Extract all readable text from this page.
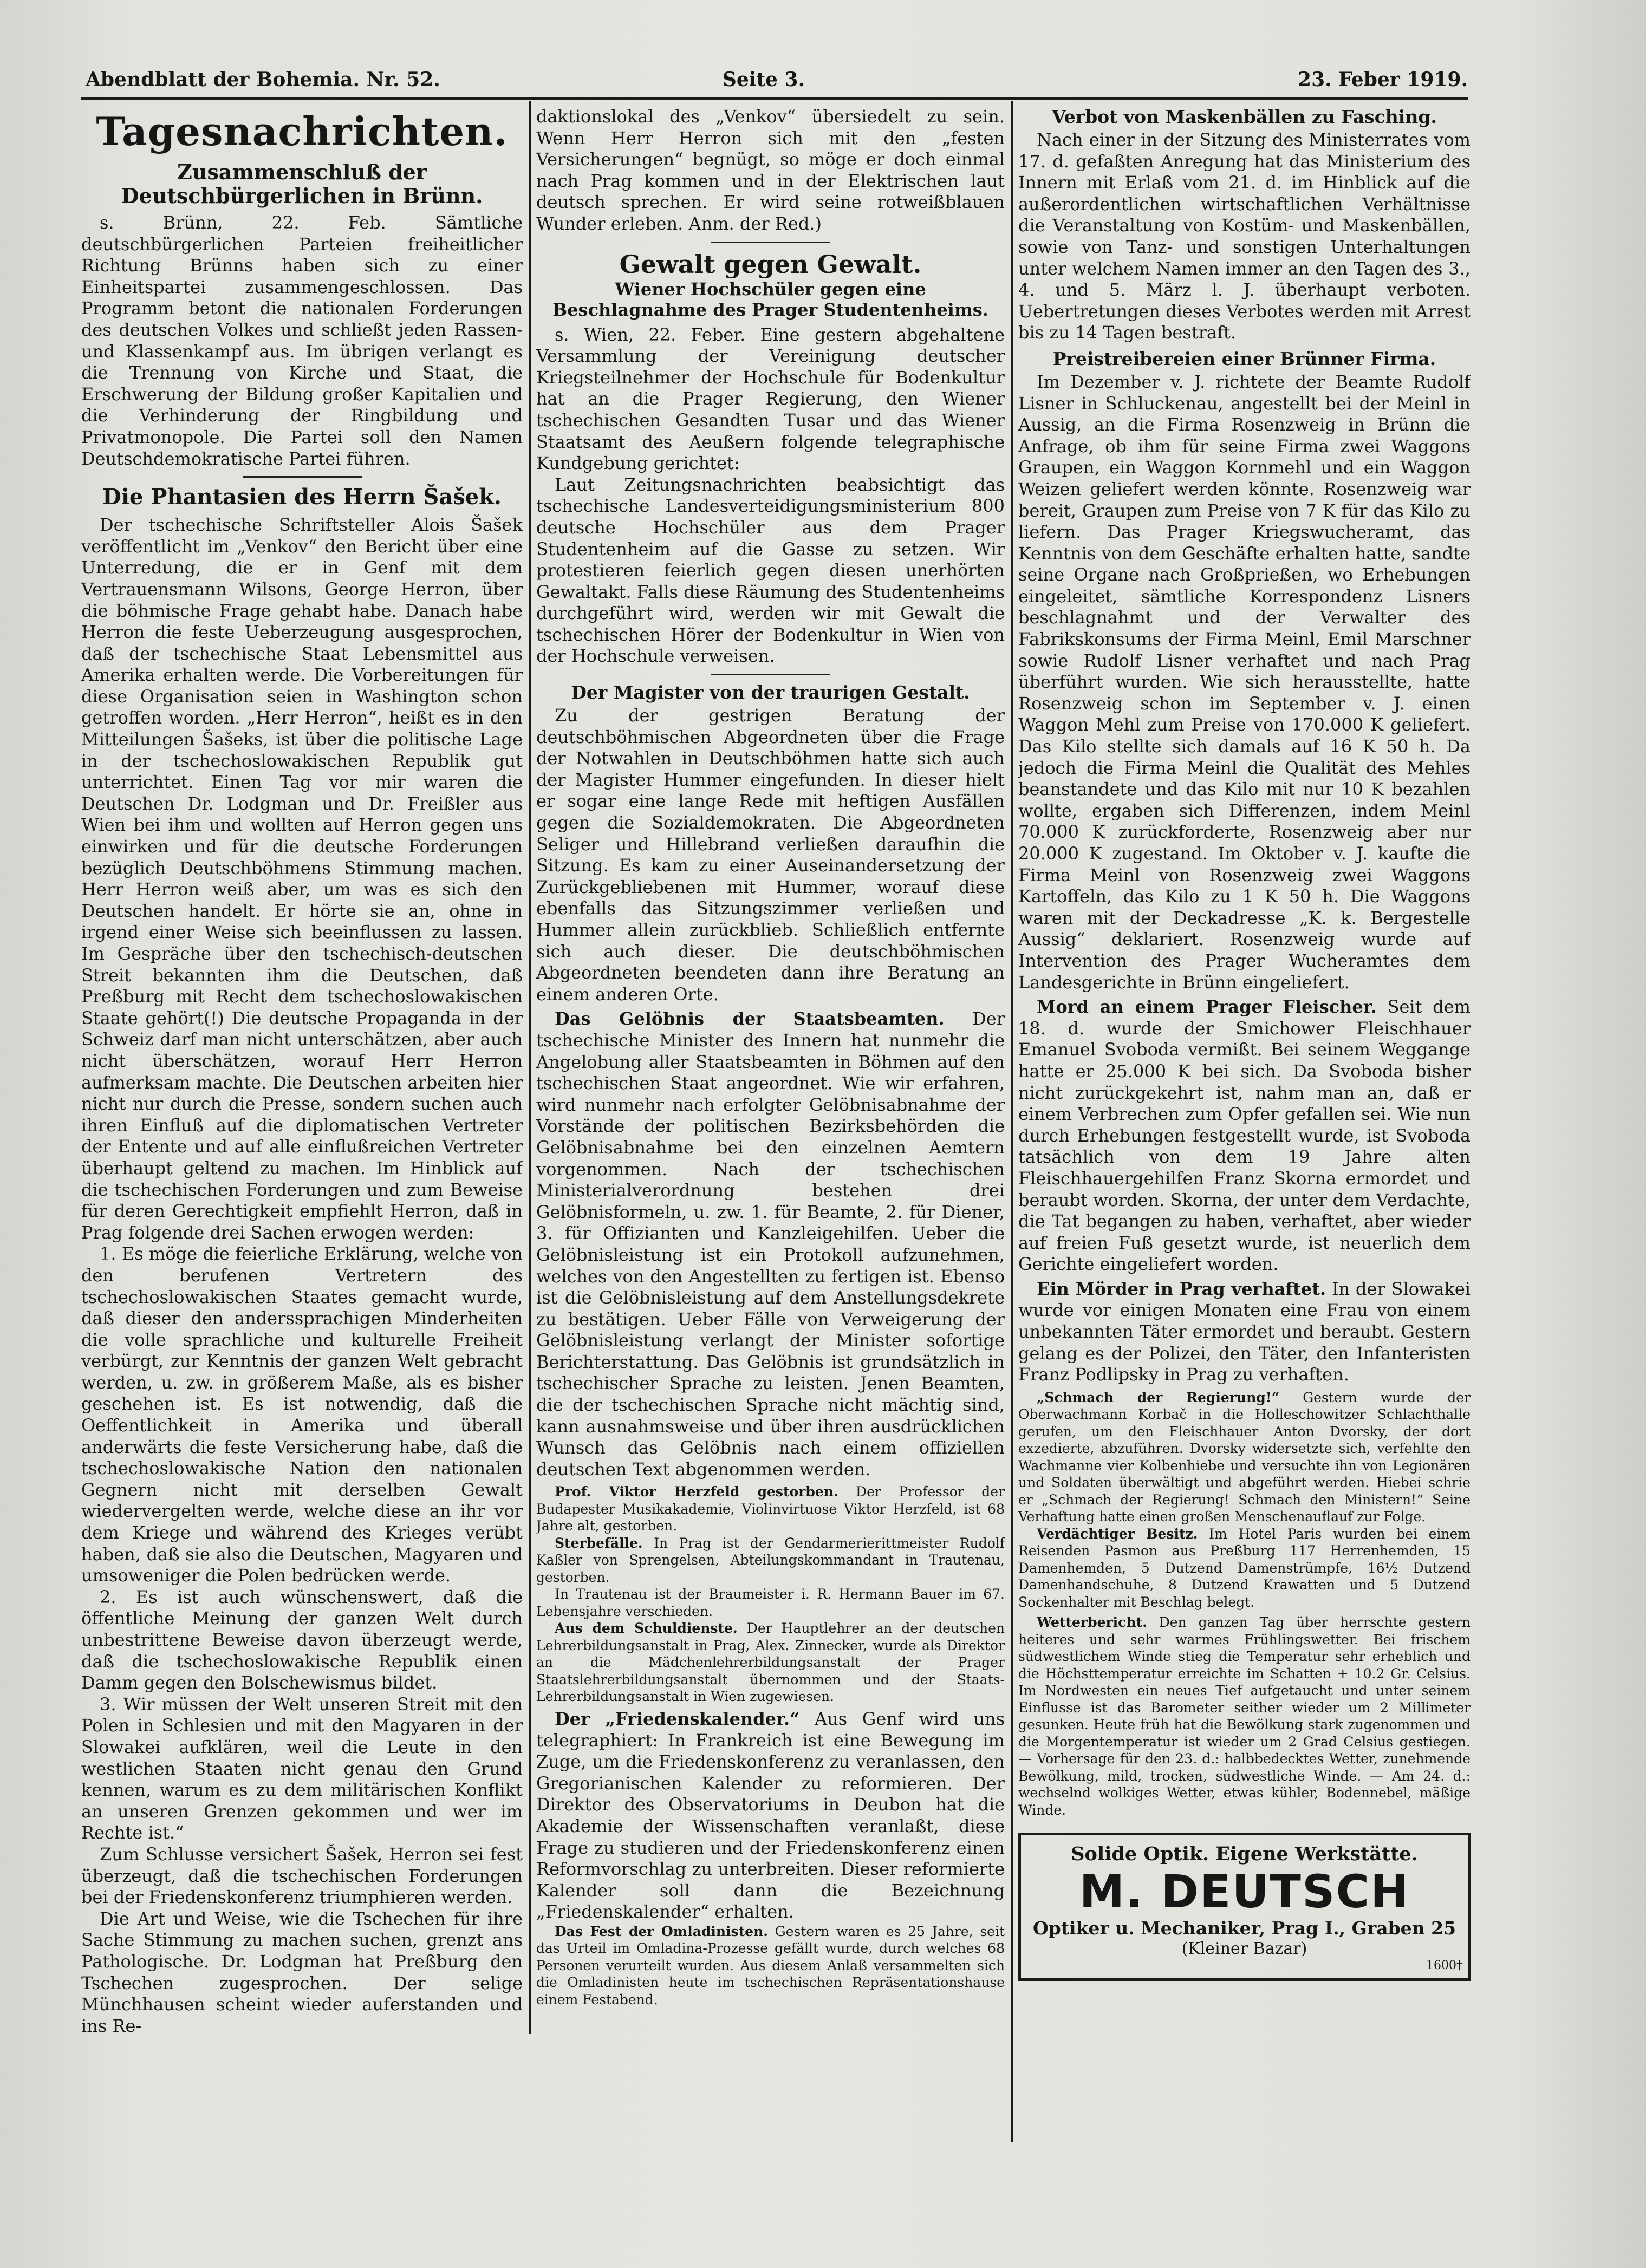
Abendblatt der Bohemia. Nr. 52.	Seite 3.	23. Feber 1919.
Tagesnachrichten.
Zusammenschluß der Deutschbürgerlichen in Brünn.

s. Brünn, 22. Feb. Sämtliche deutschbürgerlichen Parteien freiheitlicher Richtung Brünns haben sich zu einer Einheitspartei zusammengeschlossen. Das Programm betont die nationalen Forderungen des deutschen Volkes und schließt jeden Rassen- und Klassenkampf aus. Im übrigen verlangt es die Trennung von Kirche und Staat, die Erschwerung der Bildung großer Kapitalien und die Verhinderung der Ringbildung und Privatmonopole. Die Partei soll den Namen Deutschdemokratische Partei führen.

Die Phantasien des Herrn Šašek.

Der tschechische Schriftsteller Alois Šašek veröffentlicht im „Venkov“ den Bericht über eine Unterredung, die er in Genf mit dem Vertrauensmann Wilsons, George Herron, über die böhmische Frage gehabt habe. Danach habe Herron die feste Ueberzeugung ausgesprochen, daß der tschechische Staat Lebensmittel aus Amerika erhalten werde. Die Vorbereitungen für diese Organisation seien in Washington schon getroffen worden. „Herr Herron“, heißt es in den Mitteilungen Šašeks, ist über die politische Lage in der tschechoslowakischen Republik gut unterrichtet. Einen Tag vor mir waren die Deutschen Dr. Lodgman und Dr. Freißler aus Wien bei ihm und wollten auf Herron gegen uns einwirken und für die deutsche Forderungen bezüglich Deutschböhmens Stimmung machen. Herr Herron weiß aber, um was es sich den Deutschen handelt. Er hörte sie an, ohne in irgend einer Weise sich beeinflussen zu lassen. Im Gespräche über den tschechisch-deutschen Streit bekannten ihm die Deutschen, daß Preßburg mit Recht dem tschechoslowakischen Staate gehört(!) Die deutsche Propaganda in der Schweiz darf man nicht unterschätzen, aber auch nicht überschätzen, worauf Herr Herron aufmerksam machte. Die Deutschen arbeiten hier nicht nur durch die Presse, sondern suchen auch ihren Einfluß auf die diplomatischen Vertreter der Entente und auf alle einflußreichen Vertreter überhaupt geltend zu machen. Im Hinblick auf die tschechischen Forderungen und zum Beweise für deren Gerechtigkeit empfiehlt Herron, daß in Prag folgende drei Sachen erwogen werden:

1. Es möge die feierliche Erklärung, welche von den berufenen Vertretern des tschechoslowakischen Staates gemacht wurde, daß dieser den anderssprachigen Minderheiten die volle sprachliche und kulturelle Freiheit verbürgt, zur Kenntnis der ganzen Welt gebracht werden, u. zw. in größerem Maße, als es bisher geschehen ist. Es ist notwendig, daß die Oeffentlichkeit in Amerika und überall anderwärts die feste Versicherung habe, daß die tschechoslowakische Nation den nationalen Gegnern nicht mit derselben Gewalt wiedervergelten werde, welche diese an ihr vor dem Kriege und während des Krieges verübt haben, daß sie also die Deutschen, Magyaren und umsoweniger die Polen bedrücken werde.

2. Es ist auch wünschenswert, daß die öffentliche Meinung der ganzen Welt durch unbestrittene Beweise davon überzeugt werde, daß die tschechoslowakische Republik einen Damm gegen den Bolschewismus bildet.

3. Wir müssen der Welt unseren Streit mit den Polen in Schlesien und mit den Magyaren in der Slowakei aufklären, weil die Leute in den westlichen Staaten nicht genau den Grund kennen, warum es zu dem militärischen Konflikt an unseren Grenzen gekommen und wer im Rechte ist.“

Zum Schlusse versichert Šašek, Herron sei fest überzeugt, daß die tschechischen Forderungen bei der Friedenskonferenz triumphieren werden.

Die Art und Weise, wie die Tschechen für ihre Sache Stimmung zu machen suchen, grenzt ans Pathologische. Dr. Lodgman hat Preßburg den Tschechen zugesprochen. Der selige Münchhausen scheint wieder auferstanden und ins Re-

daktionslokal des „Venkov“ übersiedelt zu sein. Wenn Herr Herron sich mit den „festen Versicherungen“ begnügt, so möge er doch einmal nach Prag kommen und in der Elektrischen laut deutsch sprechen. Er wird seine rotweißblauen Wunder erleben. Anm. der Red.)

Gewalt gegen Gewalt.
Wiener Hochschüler gegen eine Beschlagnahme des Prager Studentenheims.

s. Wien, 22. Feber. Eine gestern abgehaltene Versammlung der Vereinigung deutscher Kriegsteilnehmer der Hochschule für Bodenkultur hat an die Prager Regierung, den Wiener tschechischen Gesandten Tusar und das Wiener Staatsamt des Aeußern folgende telegraphische Kundgebung gerichtet:

Laut Zeitungsnachrichten beabsichtigt das tschechische Landesverteidigungsministerium 800 deutsche Hochschüler aus dem Prager Studentenheim auf die Gasse zu setzen. Wir protestieren feierlich gegen diesen unerhörten Gewaltakt. Falls diese Räumung des Studentenheims durchgeführt wird, werden wir mit Gewalt die tschechischen Hörer der Bodenkultur in Wien von der Hochschule verweisen.

Der Magister von der traurigen Gestalt.

Zu der gestrigen Beratung der deutschböhmischen Abgeordneten über die Frage der Notwahlen in Deutschböhmen hatte sich auch der Magister Hummer eingefunden. In dieser hielt er sogar eine lange Rede mit heftigen Ausfällen gegen die Sozialdemokraten. Die Abgeordneten Seliger und Hillebrand verließen daraufhin die Sitzung. Es kam zu einer Auseinandersetzung der Zurückgebliebenen mit Hummer, worauf diese ebenfalls das Sitzungszimmer verließen und Hummer allein zurückblieb. Schließlich entfernte sich auch dieser. Die deutschböhmischen Abgeordneten beendeten dann ihre Beratung an einem anderen Orte.

Das Gelöbnis der Staatsbeamten. Der tschechische Minister des Innern hat nunmehr die Angelobung aller Staatsbeamten in Böhmen auf den tschechischen Staat angeordnet. Wie wir erfahren, wird nunmehr nach erfolgter Gelöbnisabnahme der Vorstände der politischen Bezirksbehörden die Gelöbnisabnahme bei den einzelnen Aemtern vorgenommen. Nach der tschechischen Ministerialverordnung bestehen drei Gelöbnisformeln, u. zw. 1. für Beamte, 2. für Diener, 3. für Offizianten und Kanzleigehilfen. Ueber die Gelöbnisleistung ist ein Protokoll aufzunehmen, welches von den Angestellten zu fertigen ist. Ebenso ist die Gelöbnisleistung auf dem Anstellungsdekrete zu bestätigen. Ueber Fälle von Verweigerung der Gelöbnisleistung verlangt der Minister sofortige Berichterstattung. Das Gelöbnis ist grundsätzlich in tschechischer Sprache zu leisten. Jenen Beamten, die der tschechischen Sprache nicht mächtig sind, kann ausnahmsweise und über ihren ausdrücklichen Wunsch das Gelöbnis nach einem offiziellen deutschen Text abgenommen werden.

Prof. Viktor Herzfeld gestorben. Der Professor der Budapester Musikakademie, Violinvirtuose Viktor Herzfeld, ist 68 Jahre alt, gestorben.

Sterbefälle. In Prag ist der Gendarmerierittmeister Rudolf Kaßler von Sprengelsen, Abteilungskommandant in Trautenau, gestorben.

In Trautenau ist der Braumeister i. R. Hermann Bauer im 67. Lebensjahre verschieden.

Aus dem Schuldienste. Der Hauptlehrer an der deutschen Lehrerbildungsanstalt in Prag, Alex. Zinnecker, wurde als Direktor an die Mädchenlehrerbildungsanstalt der Prager Staatslehrerbildungsanstalt übernommen und der Staats-Lehrerbildungsanstalt in Wien zugewiesen.

Der „Friedenskalender.“ Aus Genf wird uns telegraphiert: In Frankreich ist eine Bewegung im Zuge, um die Friedenskonferenz zu veranlassen, den Gregorianischen Kalender zu reformieren. Der Direktor des Observatoriums in Deubon hat die Akademie der Wissenschaften veranlaßt, diese Frage zu studieren und der Friedenskonferenz einen Reformvorschlag zu unterbreiten. Dieser reformierte Kalender soll dann die Bezeichnung „Friedenskalender“ erhalten.

Das Fest der Omladinisten. Gestern waren es 25 Jahre, seit das Urteil im Omladina-Prozesse gefällt wurde, durch welches 68 Personen verurteilt wurden. Aus diesem Anlaß versammelten sich die Omladinisten heute im tschechischen Repräsentationshause einem Festabend.

Verbot von Maskenbällen zu Fasching.

Nach einer in der Sitzung des Ministerrates vom 17. d. gefaßten Anregung hat das Ministerium des Innern mit Erlaß vom 21. d. im Hinblick auf die außerordentlichen wirtschaftlichen Verhältnisse die Veranstaltung von Kostüm- und Maskenbällen, sowie von Tanz- und sonstigen Unterhaltungen unter welchem Namen immer an den Tagen des 3., 4. und 5. März l. J. überhaupt verboten. Uebertretungen dieses Verbotes werden mit Arrest bis zu 14 Tagen bestraft.

Preistreibereien einer Brünner Firma.

Im Dezember v. J. richtete der Beamte Rudolf Lisner in Schluckenau, angestellt bei der Meinl in Aussig, an die Firma Rosenzweig in Brünn die Anfrage, ob ihm für seine Firma zwei Waggons Graupen, ein Waggon Kornmehl und ein Waggon Weizen geliefert werden könnte. Rosenzweig war bereit, Graupen zum Preise von 7 K für das Kilo zu liefern. Das Prager Kriegswucheramt, das Kenntnis von dem Geschäfte erhalten hatte, sandte seine Organe nach Großprießen, wo Erhebungen eingeleitet, sämtliche Korrespondenz Lisners beschlagnahmt und der Verwalter des Fabrikskonsums der Firma Meinl, Emil Marschner sowie Rudolf Lisner verhaftet und nach Prag überführt wurden. Wie sich herausstellte, hatte Rosenzweig schon im September v. J. einen Waggon Mehl zum Preise von 170.000 K geliefert. Das Kilo stellte sich damals auf 16 K 50 h. Da jedoch die Firma Meinl die Qualität des Mehles beanstandete und das Kilo mit nur 10 K bezahlen wollte, ergaben sich Differenzen, indem Meinl 70.000 K zurückforderte, Rosenzweig aber nur 20.000 K zugestand. Im Oktober v. J. kaufte die Firma Meinl von Rosenzweig zwei Waggons Kartoffeln, das Kilo zu 1 K 50 h. Die Waggons waren mit der Deckadresse „K. k. Bergestelle Aussig“ deklariert. Rosenzweig wurde auf Intervention des Prager Wucheramtes dem Landesgerichte in Brünn eingeliefert.

Mord an einem Prager Fleischer. Seit dem 18. d. wurde der Smichower Fleischhauer Emanuel Svoboda vermißt. Bei seinem Weggange hatte er 25.000 K bei sich. Da Svoboda bisher nicht zurückgekehrt ist, nahm man an, daß er einem Verbrechen zum Opfer gefallen sei. Wie nun durch Erhebungen festgestellt wurde, ist Svoboda tatsächlich von dem 19 Jahre alten Fleischhauergehilfen Franz Skorna ermordet und beraubt worden. Skorna, der unter dem Verdachte, die Tat begangen zu haben, verhaftet, aber wieder auf freien Fuß gesetzt wurde, ist neuerlich dem Gerichte eingeliefert worden.

Ein Mörder in Prag verhaftet. In der Slowakei wurde vor einigen Monaten eine Frau von einem unbekannten Täter ermordet und beraubt. Gestern gelang es der Polizei, den Täter, den Infanteristen Franz Podlipsky in Prag zu verhaften.

„Schmach der Regierung!“ Gestern wurde der Oberwachmann Korbač in die Holleschowitzer Schlachthalle gerufen, um den Fleischhauer Anton Dvorsky, der dort exzedierte, abzuführen. Dvorsky widersetzte sich, verfehlte den Wachmanne vier Kolbenhiebe und versuchte ihn von Legionären und Soldaten überwältigt und abgeführt werden. Hiebei schrie er „Schmach der Regierung! Schmach den Ministern!“ Seine Verhaftung hatte einen großen Menschenauflauf zur Folge.

Verdächtiger Besitz. Im Hotel Paris wurden bei einem Reisenden Pasmon aus Preßburg 117 Herrenhemden, 15 Damenhemden, 5 Dutzend Damenstrümpfe, 16½ Dutzend Damenhandschuhe, 8 Dutzend Krawatten und 5 Dutzend Sockenhalter mit Beschlag belegt.

Wetterbericht. Den ganzen Tag über herrschte gestern heiteres und sehr warmes Frühlingswetter. Bei frischem südwestlichem Winde stieg die Temperatur sehr erheblich und die Höchsttemperatur erreichte im Schatten + 10.2 Gr. Celsius. Im Nordwesten ein neues Tief aufgetaucht und unter seinem Einflusse ist das Barometer seither wieder um 2 Millimeter gesunken. Heute früh hat die Bewölkung stark zugenommen und die Morgentemperatur ist wieder um 2 Grad Celsius gestiegen. — Vorhersage für den 23. d.: halbbedecktes Wetter, zunehmende Bewölkung, mild, trocken, südwestliche Winde. — Am 24. d.: wechselnd wolkiges Wetter, etwas kühler, Bodennebel, mäßige Winde.

Solide Optik. Eigene Werkstätte.
M. DEUTSCH
Optiker u. Mechaniker, Prag I., Graben 25
(Kleiner Bazar)
1600†
